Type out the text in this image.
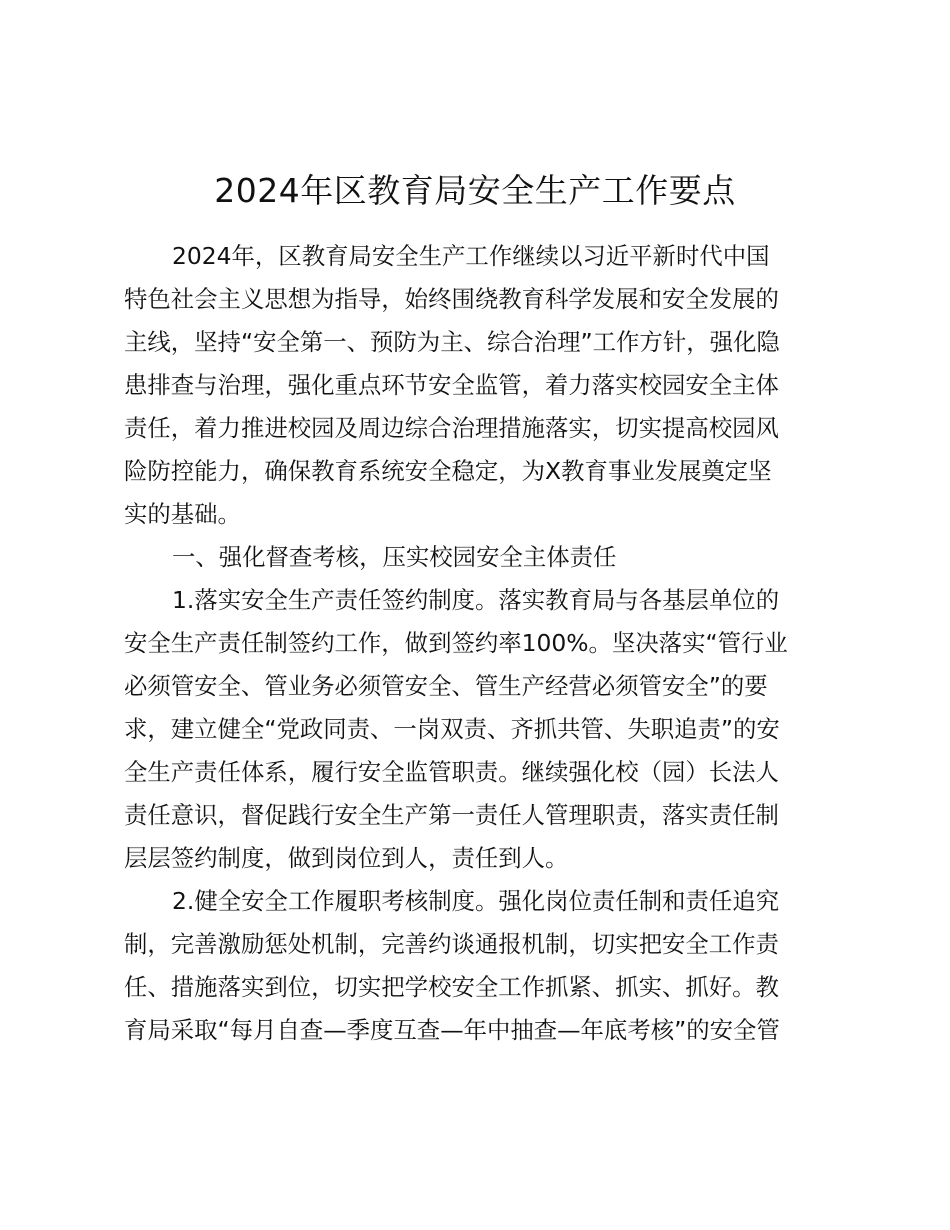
2024年区教育局安全生产工作要点
2024年，区教育局安全生产工作继续以习近平新时代中国
特色社会主义思想为指导，始终围绕教育科学发展和安全发展的
主线，坚持“安全第一、预防为主、综合治理”工作方针，强化隐
患排查与治理，强化重点环节安全监管，着力落实校园安全主体
责任，着力推进校园及周边综合治理措施落实，切实提高校园风
险防控能力，确保教育系统安全稳定，为X教育事业发展奠定坚
实的基础。
一、强化督查考核，压实校园安全主体责任
1.落实安全生产责任签约制度。落实教育局与各基层单位的
安全生产责任制签约工作，做到签约率100%。坚决落实“管行业
必须管安全、管业务必须管安全、管生产经营必须管安全”的要
求，建立健全“党政同责、一岗双责、齐抓共管、失职追责”的安
全生产责任体系，履行安全监管职责。继续强化校（园）长法人
责任意识，督促践行安全生产第一责任人管理职责，落实责任制
层层签约制度，做到岗位到人，责任到人。
2.健全安全工作履职考核制度。强化岗位责任制和责任追究
制，完善激励惩处机制，完善约谈通报机制，切实把安全工作责
任、措施落实到位，切实把学校安全工作抓紧、抓实、抓好。教
育局采取“每月自查—季度互查—年中抽查—年底考核”的安全管
